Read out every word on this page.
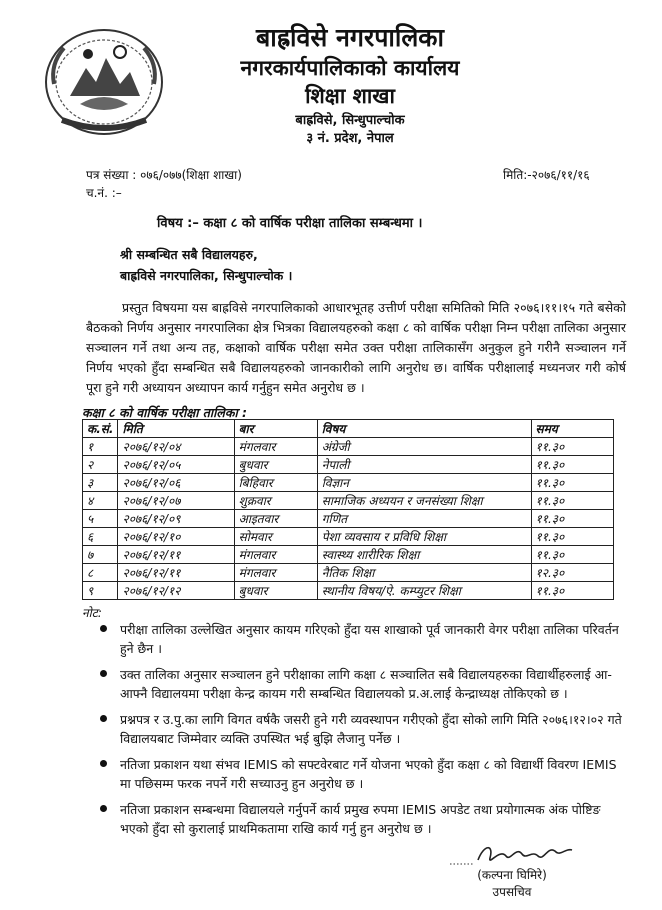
बाह्रविसे नगरपालिका
नगरकार्यपालिकाको कार्यालय
शिक्षा शाखा
बाह्रविसे, सिन्धुपाल्चोक
३ नं. प्रदेश, नेपाल
पत्र संख्या : ०७६/०७७(शिक्षा शाखा)
च.नं. :–
मिति:-२०७६/११/१६
विषय :– कक्षा ८ को वार्षिक परीक्षा तालिका सम्बन्धमा ।
श्री सम्बन्धित सबै विद्यालयहरु,
बाह्रविसे नगरपालिका, सिन्धुपाल्चोक ।
प्रस्तुत विषयमा यस बाह्रविसे नगरपालिकाको आधारभूतह उत्तीर्ण परीक्षा समितिको मिति २०७६।११।१५ गते बसेको बैठकको निर्णय अनुसार नगरपालिका क्षेत्र भित्रका विद्यालयहरुको कक्षा ८ को वार्षिक परीक्षा निम्न परीक्षा तालिका अनुसार सञ्चालन गर्ने तथा अन्य तह, कक्षाको वार्षिक परीक्षा समेत उक्त परीक्षा तालिकासँग अनुकुल हुने गरीनै सञ्चालन गर्ने निर्णय भएको हुँदा सम्बन्धित सबै विद्यालयहरुको जानकारीको लागि अनुरोध छ। वार्षिक परीक्षालाई मध्यनजर गरी कोर्ष पूरा हुने गरी अध्यायन अध्यापन कार्य गर्नुहुन समेत अनुरोध छ ।
कक्षा ८ को वार्षिक परीक्षा तालिका :
क.सं.	मिति	बार	विषय	समय
१	२०७६/१२/०४	मंगलवार	अंग्रेजी	११.३०
२	२०७६/१२/०५	बुधवार	नेपाली	११.३०
३	२०७६/१२/०६	बिहिवार	विज्ञान	११.३०
४	२०७६/१२/०७	शुक्रवार	सामाजिक अध्ययन र जनसंख्या शिक्षा	११.३०
५	२०७६/१२/०९	आइतवार	गणित	११.३०
६	२०७६/१२/१०	सोमवार	पेशा व्यवसाय र प्रविधि शिक्षा	११.३०
७	२०७६/१२/११	मंगलवार	स्वास्थ्य शारीरिक शिक्षा	११.३०
८	२०७६/१२/११	मंगलवार	नैतिक शिक्षा	१२.३०
९	२०७६/१२/१२	बुधवार	स्थानीय विषय/ऐ. कम्प्युटर शिक्षा	११.३०
नोट:
परीक्षा तालिका उल्लेखित अनुसार कायम गरिएको हुँदा यस शाखाको पूर्व जानकारी वेगर परीक्षा तालिका परिवर्तन हुने छैन ।
उक्त तालिका अनुसार सञ्चालन हुने परीक्षाका लागि कक्षा ८ सञ्चालित सबै विद्यालयहरुका विद्यार्थीहरुलाई आ-आफ्नै विद्यालयमा परीक्षा केन्द्र कायम गरी सम्बन्धित विद्यालयको प्र.अ.लाई केन्द्राध्यक्ष तोकिएको छ ।
प्रश्नपत्र र उ.पु.का लागि विगत वर्षकै जसरी हुने गरी व्यवस्थापन गरीएको हुँदा सोको लागि मिति २०७६।१२।०२ गते विद्यालयबाट जिम्मेवार व्यक्ति उपस्थित भई बुझि लैजानु पर्नेछ ।
नतिजा प्रकाशन यथा संभव IEMIS को सफ्टवेरबाट गर्ने योजना भएको हुँदा कक्षा ८ को विद्यार्थी विवरण IEMIS मा पछिसम्म फरक नपर्ने गरी सच्याउनु हुन अनुरोध छ ।
नतिजा प्रकाशन सम्बन्धमा विद्यालयले गर्नुपर्ने कार्य प्रमुख रुपमा IEMIS अपडेट तथा प्रयोगात्मक अंक पोष्टिङ भएको हुँदा सो कुरालाई प्राथमिकतामा राखि कार्य गर्नु हुन अनुरोध छ ।
(कल्पना घिमिरे)
उपसचिव
